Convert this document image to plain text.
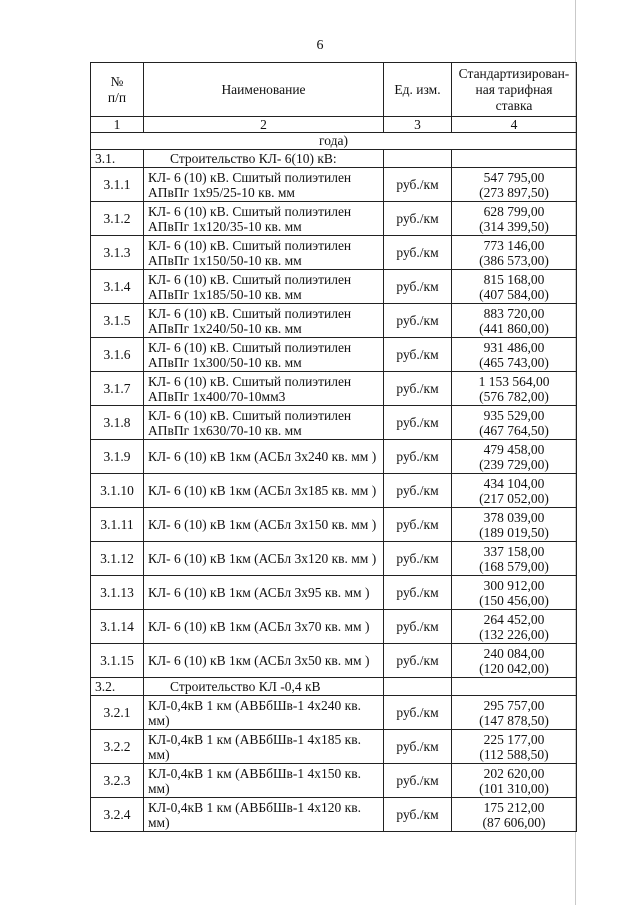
6
№
п/п	Наименование	Ед. изм.	Стандартизирован-
ная тарифная
ставка
1	2	3	4
года)			
3.1.	Строительство КЛ- 6(10) кВ:		
3.1.1	КЛ- 6 (10) кВ. Сшитый полиэтилен АПвПг 1х95/25-10 кв. мм	руб./км	547 795,00
(273 897,50)

3.1.2	КЛ- 6 (10) кВ. Сшитый полиэтилен АПвПг 1х120/35-10 кв. мм	руб./км	628 799,00
(314 399,50)

3.1.3	КЛ- 6 (10) кВ. Сшитый полиэтилен АПвПг 1х150/50-10 кв. мм	руб./км	773 146,00
(386 573,00)

3.1.4	КЛ- 6 (10) кВ. Сшитый полиэтилен АПвПг 1х185/50-10 кв. мм	руб./км	815 168,00
(407 584,00)

3.1.5	КЛ- 6 (10) кВ. Сшитый полиэтилен АПвПг 1х240/50-10 кв. мм	руб./км	883 720,00
(441 860,00)

3.1.6	КЛ- 6 (10) кВ. Сшитый полиэтилен АПвПг 1х300/50-10 кв. мм	руб./км	931 486,00
(465 743,00)

3.1.7	КЛ- 6 (10) кВ. Сшитый полиэтилен АПвПг 1х400/70-10мм3	руб./км	1 153 564,00
(576 782,00)

3.1.8	КЛ- 6 (10) кВ. Сшитый полиэтилен АПвПг 1х630/70-10 кв. мм	руб./км	935 529,00
(467 764,50)

3.1.9	КЛ- 6 (10) кВ 1км (АСБл 3х240 кв. мм )	руб./км	479 458,00
(239 729,00)

3.1.10	КЛ- 6 (10) кВ 1км (АСБл 3х185 кв. мм )	руб./км	434 104,00
(217 052,00)

3.1.11	КЛ- 6 (10) кВ 1км (АСБл 3х150 кв. мм )	руб./км	378 039,00
(189 019,50)

3.1.12	КЛ- 6 (10) кВ 1км (АСБл 3х120 кв. мм )	руб./км	337 158,00
(168 579,00)

3.1.13	КЛ- 6 (10) кВ 1км (АСБл 3х95 кв. мм )	руб./км	300 912,00
(150 456,00)

3.1.14	КЛ- 6 (10) кВ 1км (АСБл 3х70 кв. мм )	руб./км	264 452,00
(132 226,00)

3.1.15	КЛ- 6 (10) кВ 1км (АСБл 3х50 кв. мм )	руб./км	240 084,00
(120 042,00)

3.2.	Строительство КЛ -0,4 кВ		
3.2.1	КЛ-0,4кВ 1 км (АВБбШв-1 4х240 кв. мм)	руб./км	295 757,00
(147 878,50)

3.2.2	КЛ-0,4кВ 1 км (АВБбШв-1 4х185 кв. мм)	руб./км	225 177,00
(112 588,50)

3.2.3	КЛ-0,4кВ 1 км (АВБбШв-1 4х150 кв. мм)	руб./км	202 620,00
(101 310,00)

3.2.4	КЛ-0,4кВ 1 км (АВБбШв-1 4х120 кв. мм)	руб./км	175 212,00
(87 606,00)
